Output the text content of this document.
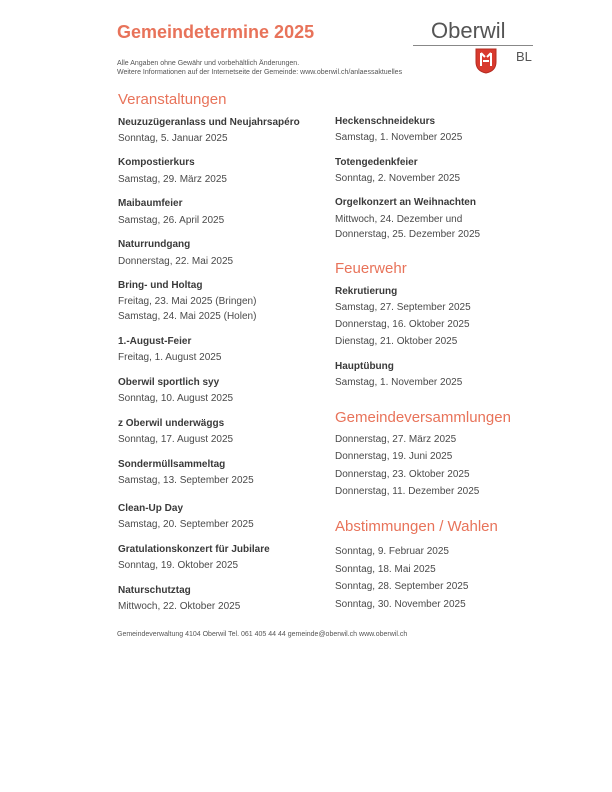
Gemeindetermine 2025
Alle Angaben ohne Gewähr und vorbehältlich Änderungen.
Weitere Informationen auf der Internetseite der Gemeinde: www.oberwil.ch/anlaessaktuelles
Oberwil
BL
Veranstaltungen
Neuzuzügeranlass und Neujahrsapéro
Sonntag, 5. Januar 2025
Kompostierkurs
Samstag, 29. März 2025
Maibaumfeier
Samstag, 26. April 2025
Naturrundgang
Donnerstag, 22. Mai 2025
Bring- und Holtag
Freitag, 23. Mai 2025 (Bringen)
Samstag, 24. Mai 2025 (Holen)
1.-August-Feier
Freitag, 1. August 2025
Oberwil sportlich syy
Sonntag, 10. August 2025
z Oberwil underwäggs
Sonntag, 17. August 2025
Sondermüllsammeltag
Samstag, 13. September 2025
Clean-Up Day
Samstag, 20. September 2025
Gratulationskonzert für Jubilare
Sonntag, 19. Oktober 2025
Naturschutztag
Mittwoch, 22. Oktober 2025
Heckenschneidekurs
Samstag, 1. November 2025
Totengedenkfeier
Sonntag, 2. November 2025
Orgelkonzert an Weihnachten
Mittwoch, 24. Dezember und
Donnerstag, 25. Dezember 2025
Feuerwehr
Rekrutierung
Samstag, 27. September 2025
Donnerstag, 16. Oktober 2025
Dienstag, 21. Oktober 2025
Hauptübung
Samstag, 1. November 2025
Gemeindeversammlungen
Donnerstag, 27. März 2025
Donnerstag, 19. Juni 2025
Donnerstag, 23. Oktober 2025
Donnerstag, 11. Dezember 2025
Abstimmungen / Wahlen
Sonntag, 9. Februar 2025
Sonntag, 18. Mai 2025
Sonntag, 28. September 2025
Sonntag, 30. November 2025
Gemeindeverwaltung 4104 Oberwil Tel. 061 405 44 44 gemeinde@oberwil.ch www.oberwil.ch
